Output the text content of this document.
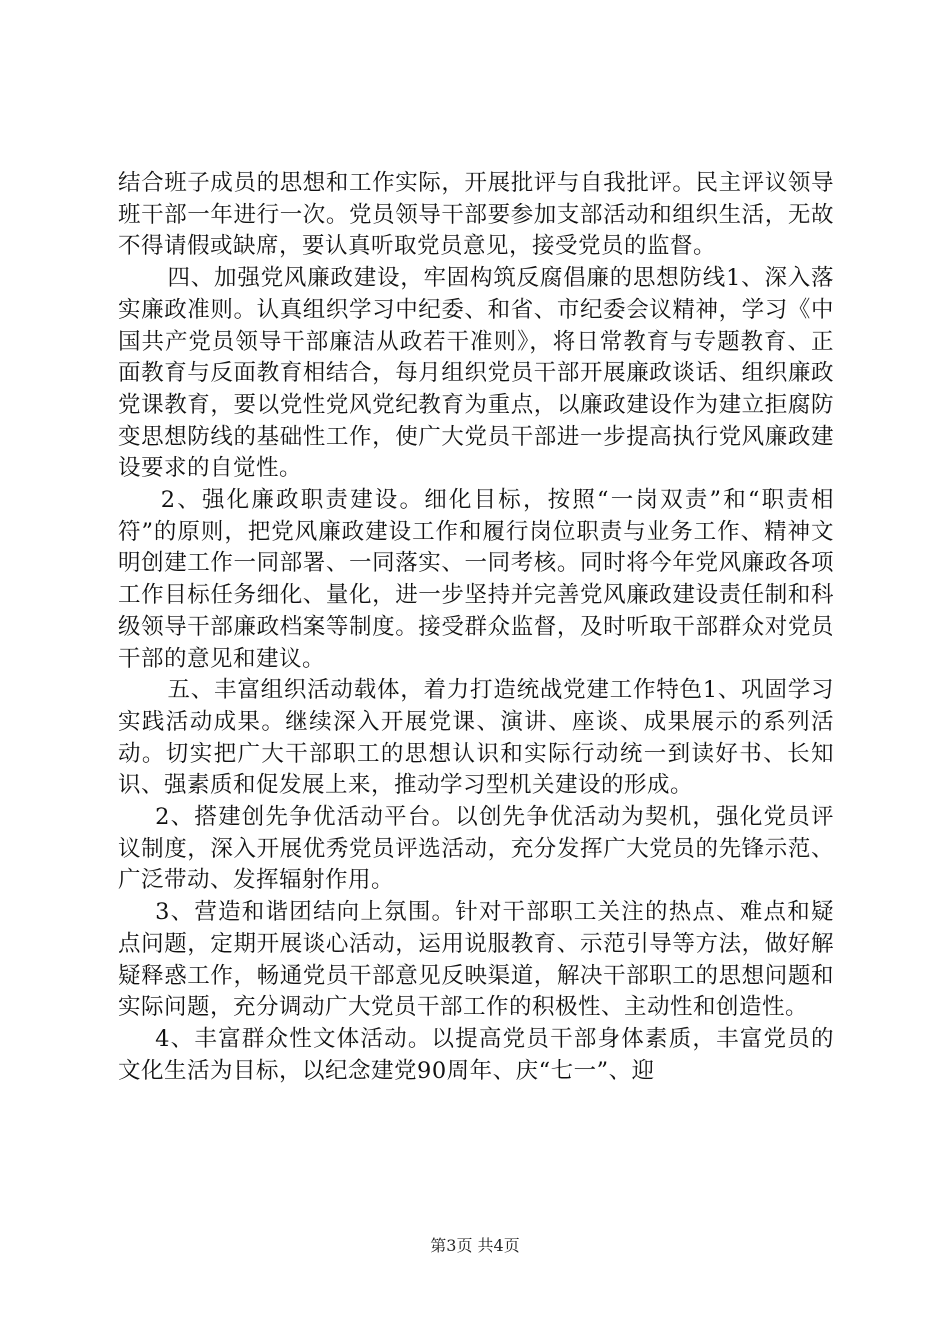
结合班子成员的思想和工作实际，开展批评与自我批评。民主评议领导班干部一年进行一次。党员领导干部要参加支部活动和组织生活，无故不得请假或缺席，要认真听取党员意见，接受党员的监督。

四、加强党风廉政建设，牢固构筑反腐倡廉的思想防线1、深入落实廉政准则。认真组织学习中纪委、和省、市纪委会议精神，学习《中国共产党员领导干部廉洁从政若干准则》，将日常教育与专题教育、正面教育与反面教育相结合，每月组织党员干部开展廉政谈话、组织廉政党课教育，要以党性党风党纪教育为重点，以廉政建设作为建立拒腐防变思想防线的基础性工作，使广大党员干部进一步提高执行党风廉政建设要求的自觉性。

2、强化廉政职责建设。细化目标，按照“一岗双责”和“职责相符”的原则，把党风廉政建设工作和履行岗位职责与业务工作、精神文明创建工作一同部署、一同落实、一同考核。同时将今年党风廉政各项工作目标任务细化、量化，进一步坚持并完善党风廉政建设责任制和科级领导干部廉政档案等制度。接受群众监督，及时听取干部群众对党员干部的意见和建议。

五、丰富组织活动载体，着力打造统战党建工作特色1、巩固学习实践活动成果。继续深入开展党课、演讲、座谈、成果展示的系列活动。切实把广大干部职工的思想认识和实际行动统一到读好书、长知识、强素质和促发展上来，推动学习型机关建设的形成。

2、搭建创先争优活动平台。以创先争优活动为契机，强化党员评议制度，深入开展优秀党员评选活动，充分发挥广大党员的先锋示范、广泛带动、发挥辐射作用。

3、营造和谐团结向上氛围。针对干部职工关注的热点、难点和疑点问题，定期开展谈心活动，运用说服教育、示范引导等方法，做好解疑释惑工作，畅通党员干部意见反映渠道，解决干部职工的思想问题和实际问题，充分调动广大党员干部工作的积极性、主动性和创造性。

4、丰富群众性文体活动。以提高党员干部身体素质，丰富党员的文化生活为目标，以纪念建党90周年、庆“七一”、迎

第3页 共4页
